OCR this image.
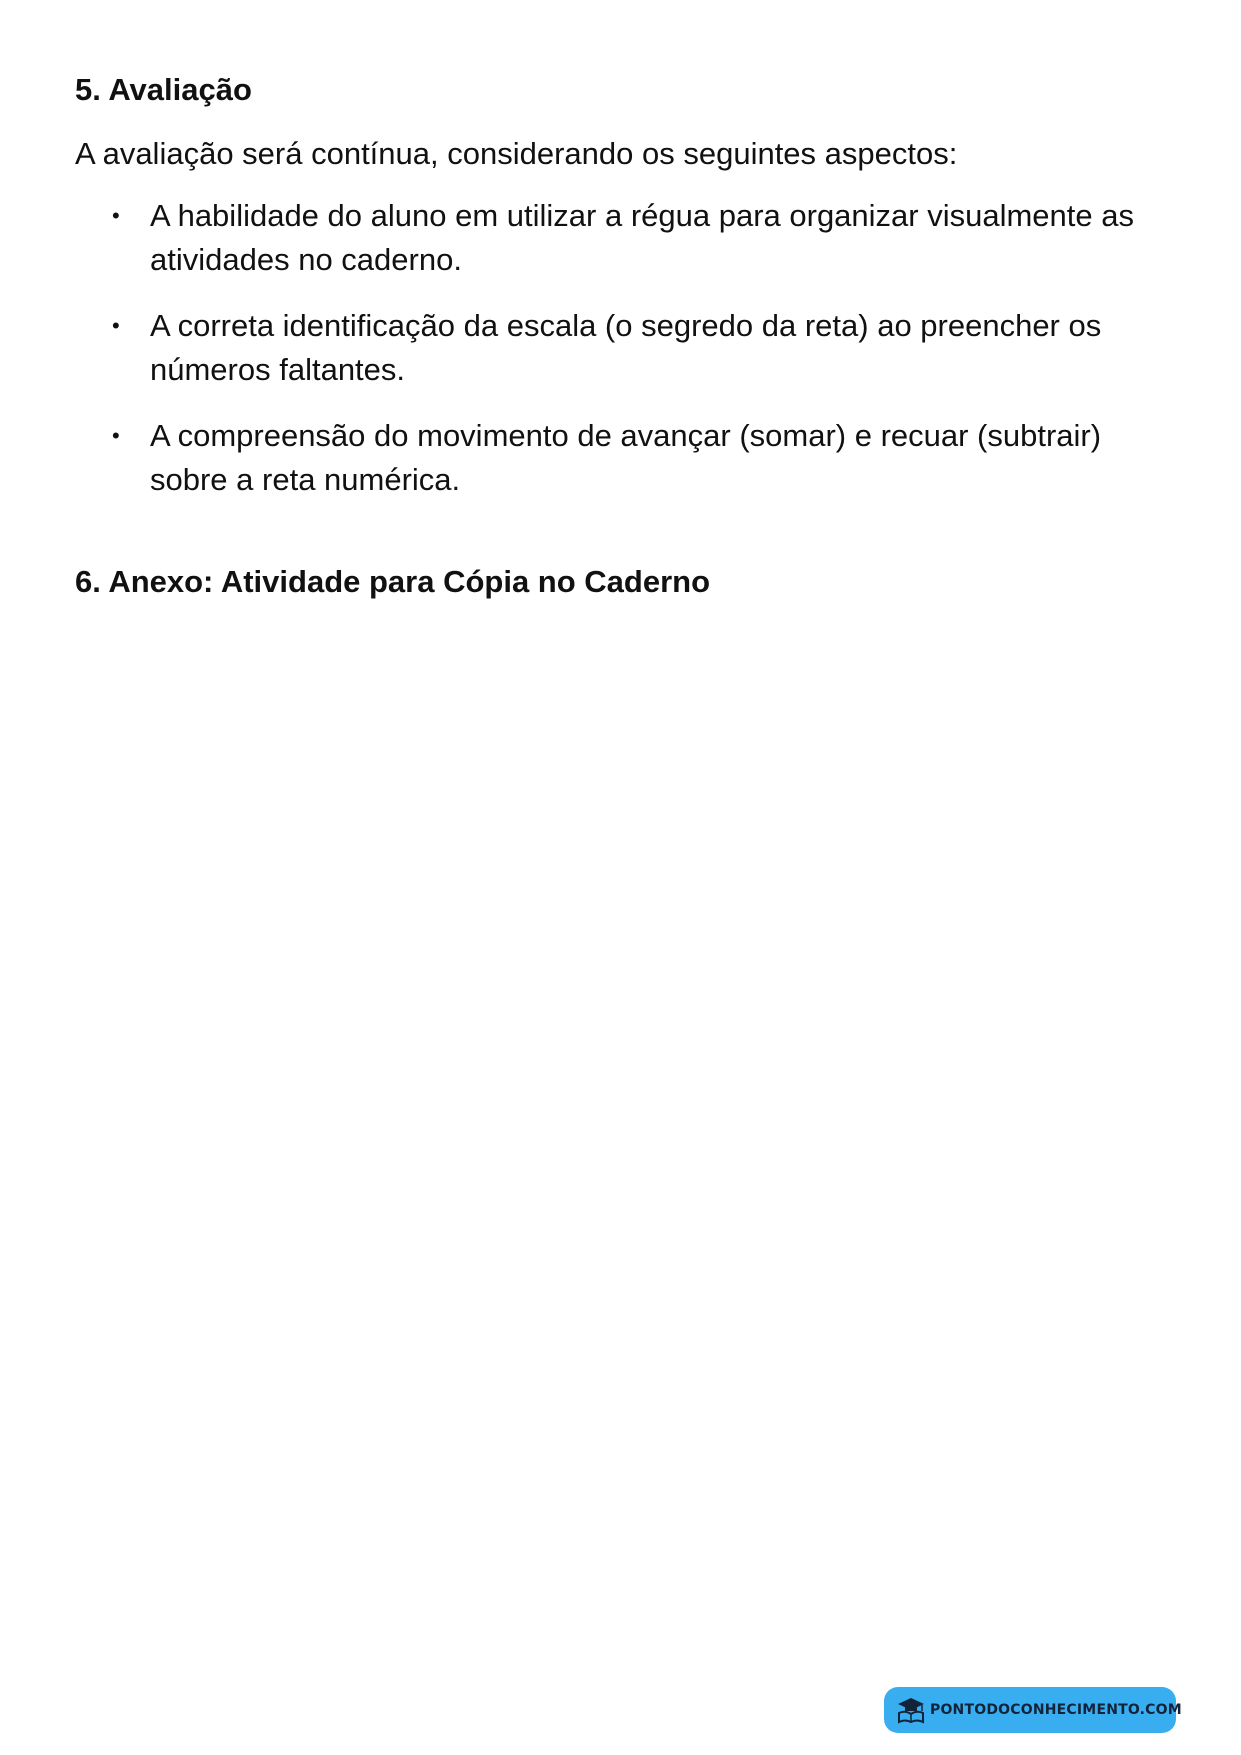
5. Avaliação

A avaliação será contínua, considerando os seguintes aspectos:

• A habilidade do aluno em utilizar a régua para organizar visualmente as atividades no caderno.
• A correta identificação da escala (o segredo da reta) ao preencher os números faltantes.
• A compreensão do movimento de avançar (somar) e recuar (subtrair) sobre a reta numérica.
6. Anexo: Atividade para Cópia no Caderno
PONTODOCONHECIMENTO.COM
